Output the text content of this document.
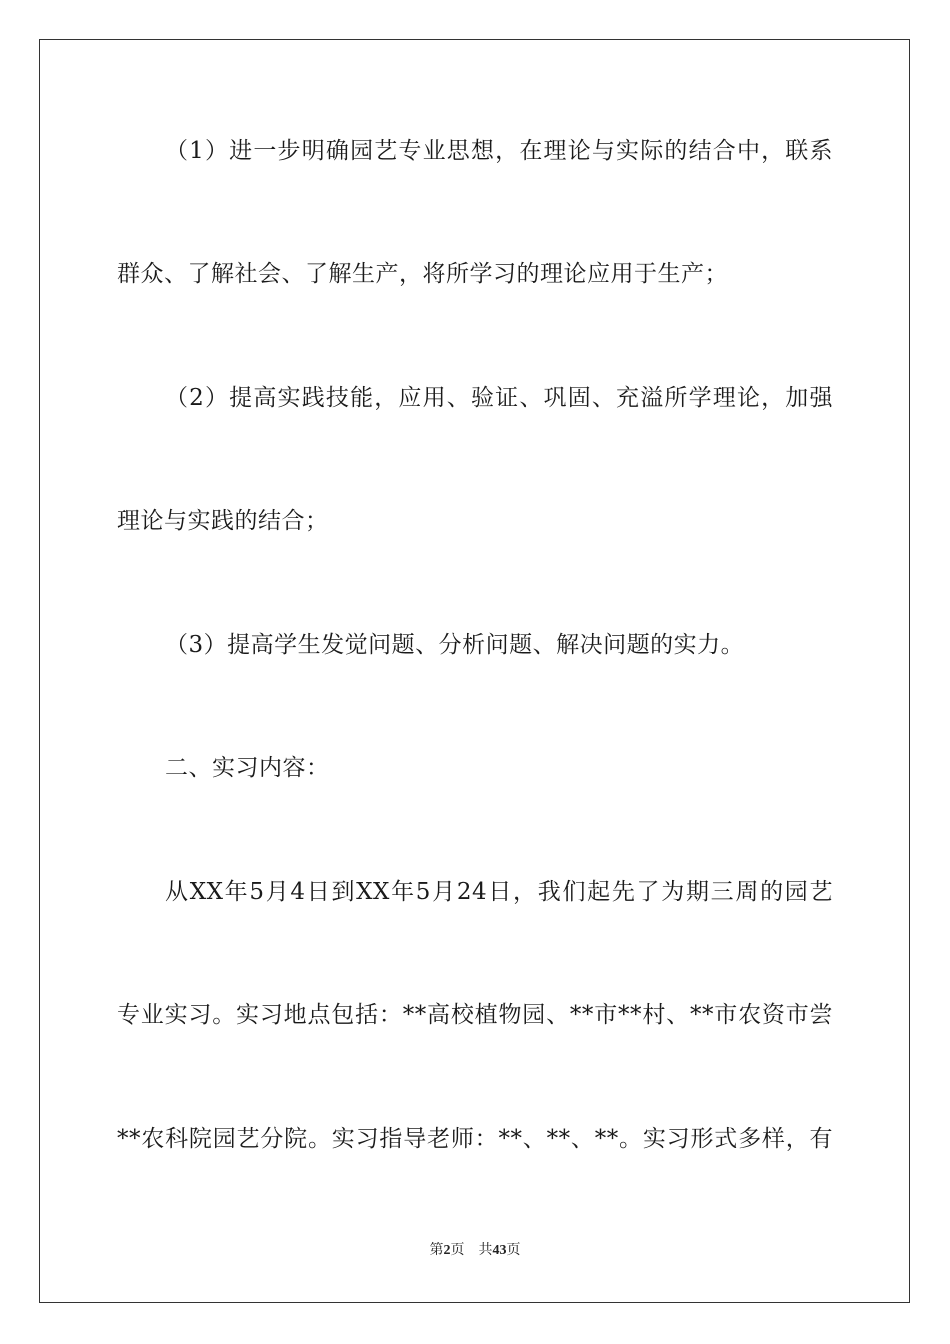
（1）进一步明确园艺专业思想，在理论与实际的结合中，联系
群众、了解社会、了解生产，将所学习的理论应用于生产；
（2）提高实践技能，应用、验证、巩固、充溢所学理论，加强
理论与实践的结合；
（3）提高学生发觉问题、分析问题、解决问题的实力。
二、实习内容：
从XX年5月4日到XX年5月24日，我们起先了为期三周的园艺
专业实习。实习地点包括：**高校植物园、**市**村、**市农资市尝
**农科院园艺分院。实习指导老师：**、**、**。实习形式多样，有
第2页 共43页
